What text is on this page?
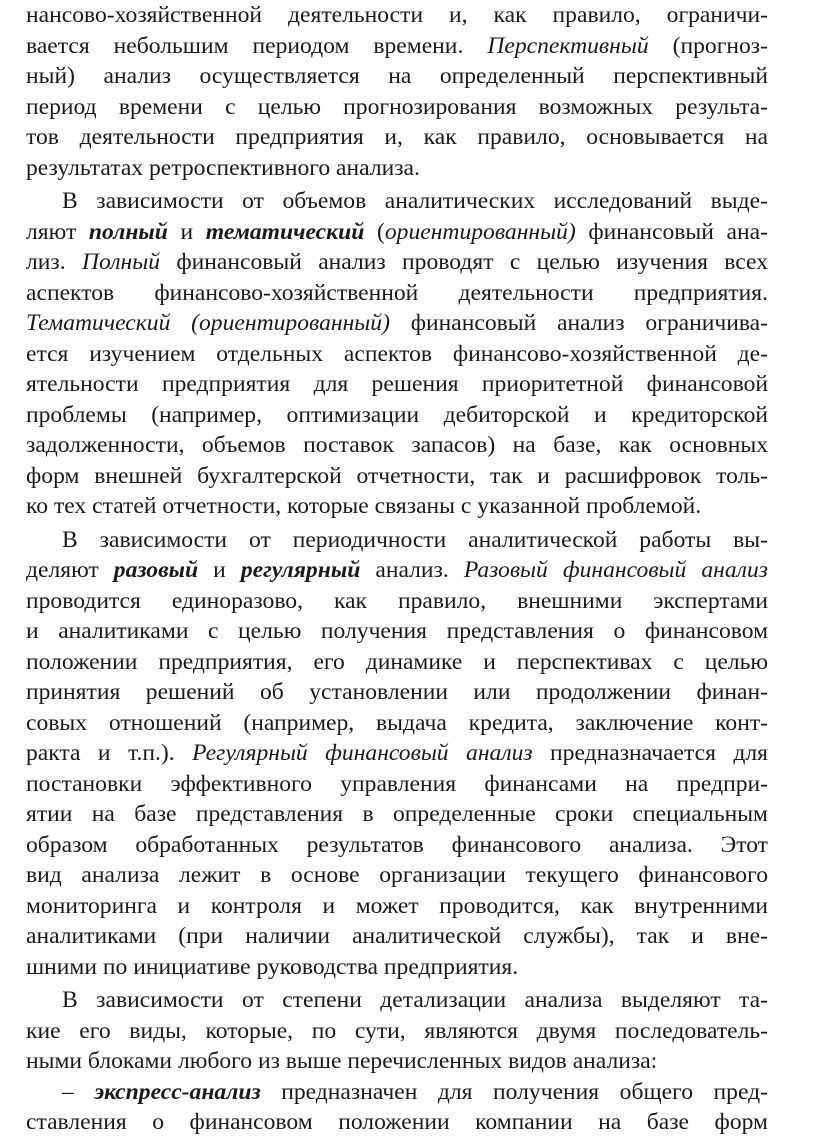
нансово-хозяйственной деятельности и, как правило, ограничи-
вается небольшим периодом времени. Перспективный (прогноз-
ный) анализ осуществляется на определенный перспективный
период времени с целью прогнозирования возможных результа-
тов деятельности предприятия и, как правило, основывается на
результатах ретроспективного анализа.
В зависимости от объемов аналитических исследований выде-
ляют полный и тематический (ориентированный) финансовый ана-
лиз. Полный финансовый анализ проводят с целью изучения всех
аспектов финансово-хозяйственной деятельности предприятия.
Тематический (ориентированный) финансовый анализ ограничива-
ется изучением отдельных аспектов финансово-хозяйственной де-
ятельности предприятия для решения приоритетной финансовой
проблемы (например, оптимизации дебиторской и кредиторской
задолженности, объемов поставок запасов) на базе, как основных
форм внешней бухгалтерской отчетности, так и расшифровок толь-
ко тех статей отчетности, которые связаны с указанной проблемой.
В зависимости от периодичности аналитической работы вы-
деляют разовый и регулярный анализ. Разовый финансовый анализ
проводится единоразово, как правило, внешними экспертами
и аналитиками с целью получения представления о финансовом
положении предприятия, его динамике и перспективах с целью
принятия решений об установлении или продолжении финан-
совых отношений (например, выдача кредита, заключение конт-
ракта и т.п.). Регулярный финансовый анализ предназначается для
постановки эффективного управления финансами на предпри-
ятии на базе представления в определенные сроки специальным
образом обработанных результатов финансового анализа. Этот
вид анализа лежит в основе организации текущего финансового
мониторинга и контроля и может проводится, как внутренними
аналитиками (при наличии аналитической службы), так и вне-
шними по инициативе руководства предприятия.
В зависимости от степени детализации анализа выделяют та-
кие его виды, которые, по сути, являются двумя последователь-
ными блоками любого из выше перечисленных видов анализа:
– экспресс-анализ предназначен для получения общего пред-
ставления о финансовом положении компании на базе форм
